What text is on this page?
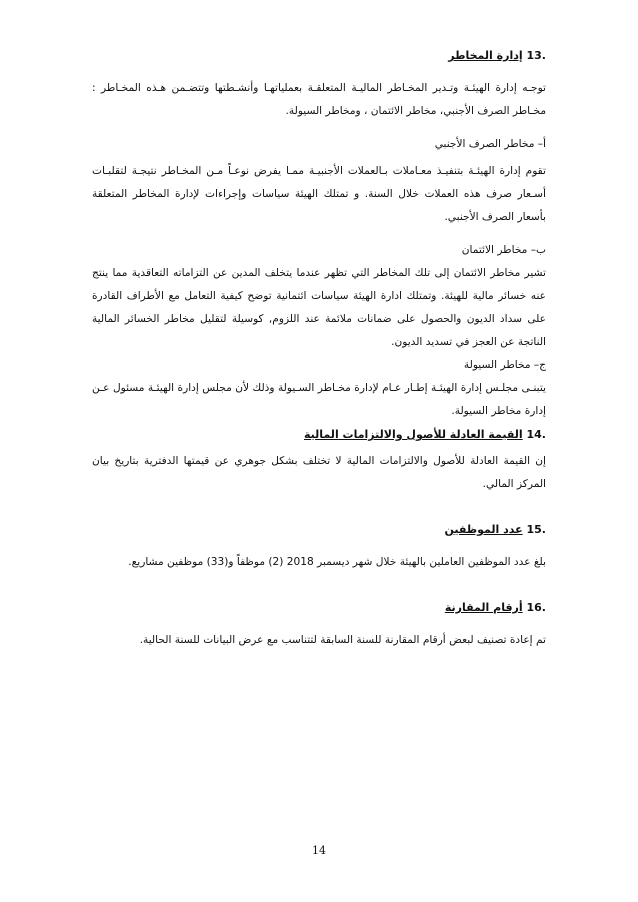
13. إدارة المخاطر

توجـه إدارة الهيئـة وتـدير المخـاطر الماليـة المتعلقـة بعملياتهـا وأنشـطتها وتتضـمن هـذه المخـاطر : مخـاطر الصرف الأجنبي، مخاطر الائتمان ، ومخاطر السيولة.

أ– مخاطر الصرف الأجنبي

تقوم إدارة الهيئـة بتنفيـذ معـاملات بـالعملات الأجنبيـة ممـا يفرض نوعـاً مـن المخـاطر نتيجـة لتقلبـات أسـعار صرف هذه العملات خلال السنة. و تمتلك الهيئة سياسات وإجراءات لإدارة المخاطر المتعلقة بأسعار الصرف الأجنبي.

ب– مخاطر الائتمان

تشير مخاطر الائتمان إلى تلك المخاطر التي تظهر عندما يتخلف المدين عن التزاماته التعاقدية مما ينتج عنه خسائر مالية للهيئة. وتمتلك ادارة الهيئة سياسات ائتمانية توضح كيفية التعامل مع الأطراف القادرة على سداد الديون والحصول على ضمانات ملائمة عند اللزوم, كوسيلة لتقليل مخاطر الخسائر المالية الناتجة عن العجز في تسديد الديون.

ج– مخاطر السيولة

يتبنـى مجلـس إدارة الهيئـة إطـار عـام لإدارة مخـاطر السـيولة وذلك لأن مجلس إدارة الهيئـة مسئول عـن إدارة مخاطر السيولة.

14. القيمة العادلة للأصول والالتزامات المالية

إن القيمة العادلة للأصول والالتزامات المالية لا تختلف بشكل جوهري عن قيمتها الدفترية بتاريخ بيان المركز المالي.

15. عدد الموظفين

بلغ عدد الموظفين العاملين بالهيئة خلال شهر ديسمبر 2018 (2) موظفاً و(33) موظفين مشاريع.

16. أرقام المقارنة

تم إعادة تصنيف لبعض أرقام المقارنة للسنة السابقة لتتناسب مع عرض البيانات للسنة الحالية.

14
